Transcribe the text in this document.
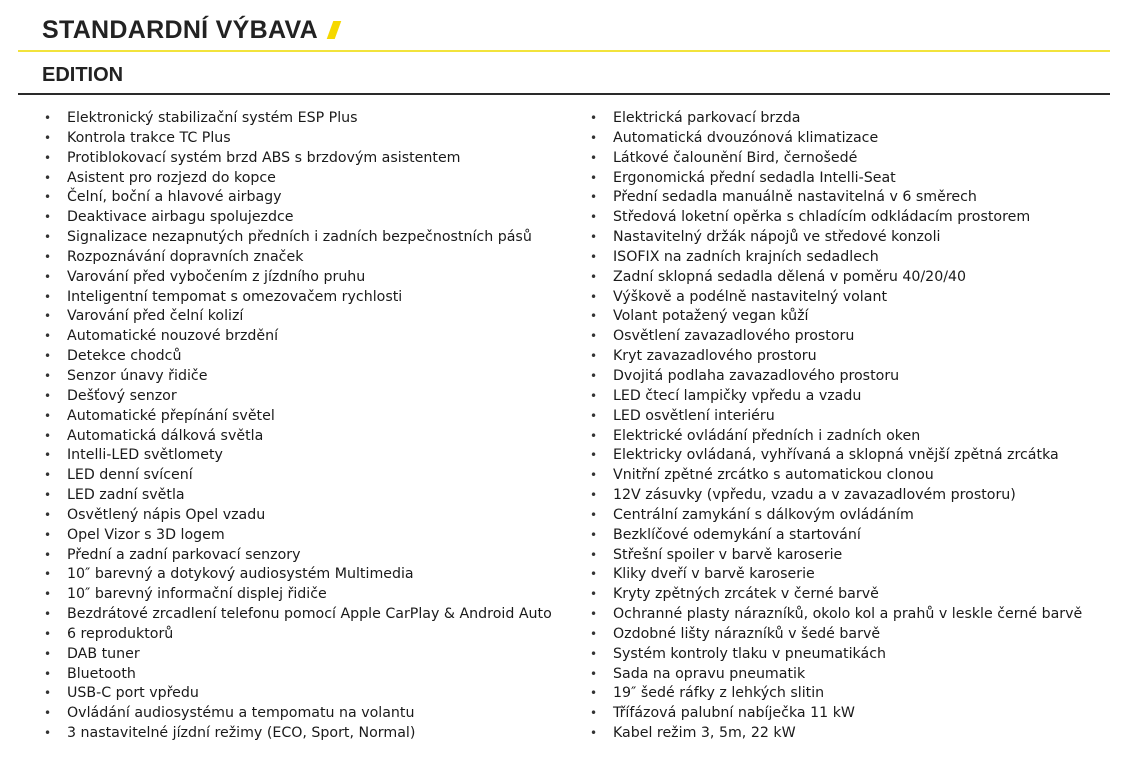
STANDARDNÍ VÝBAVA
EDITION
•	Elektronický stabilizační systém ESP Plus
•	Kontrola trakce TC Plus
•	Protiblokovací systém brzd ABS s brzdovým asistentem
•	Asistent pro rozjezd do kopce
•	Čelní, boční a hlavové airbagy
•	Deaktivace airbagu spolujezdce
•	Signalizace nezapnutých předních i zadních bezpečnostních pásů
•	Rozpoznávání dopravních značek
•	Varování před vybočením z jízdního pruhu
•	Inteligentní tempomat s omezovačem rychlosti
•	Varování před čelní kolizí
•	Automatické nouzové brzdění
•	Detekce chodců
•	Senzor únavy řidiče
•	Dešťový senzor
•	Automatické přepínání světel
•	Automatická dálková světla
•	Intelli-LED světlomety
•	LED denní svícení
•	LED zadní světla
•	Osvětlený nápis Opel vzadu
•	Opel Vizor s 3D logem
•	Přední a zadní parkovací senzory
•	10″ barevný a dotykový audiosystém Multimedia
•	10″ barevný informační displej řidiče
•	Bezdrátové zrcadlení telefonu pomocí Apple CarPlay & Android Auto
•	6 reproduktorů
•	DAB tuner
•	Bluetooth
•	USB-C port vpředu
•	Ovládání audiosystému a tempomatu na volantu
•	3 nastavitelné jízdní režimy (ECO, Sport, Normal)
•	Elektrická parkovací brzda
•	Automatická dvouzónová klimatizace
•	Látkové čalounění Bird, černošedé
•	Ergonomická přední sedadla Intelli-Seat
•	Přední sedadla manuálně nastavitelná v 6 směrech
•	Středová loketní opěrka s chladícím odkládacím prostorem
•	Nastavitelný držák nápojů ve středové konzoli
•	ISOFIX na zadních krajních sedadlech
•	Zadní sklopná sedadla dělená v poměru 40/20/40
•	Výškově a podélně nastavitelný volant
•	Volant potažený vegan kůží
•	Osvětlení zavazadlového prostoru
•	Kryt zavazadlového prostoru
•	Dvojitá podlaha zavazadlového prostoru
•	LED čtecí lampičky vpředu a vzadu
•	LED osvětlení interiéru
•	Elektrické ovládání předních i zadních oken
•	Elektricky ovládaná, vyhřívaná a sklopná vnější zpětná zrcátka
•	Vnitřní zpětné zrcátko s automatickou clonou
•	12V zásuvky (vpředu, vzadu a v zavazadlovém prostoru)
•	Centrální zamykání s dálkovým ovládáním
•	Bezklíčové odemykání a startování
•	Střešní spoiler v barvě karoserie
•	Kliky dveří v barvě karoserie
•	Kryty zpětných zrcátek v černé barvě
•	Ochranné plasty nárazníků, okolo kol a prahů v leskle černé barvě
•	Ozdobné lišty nárazníků v šedé barvě
•	Systém kontroly tlaku v pneumatikách
•	Sada na opravu pneumatik
•	19″ šedé ráfky z lehkých slitin
•	Třífázová palubní nabíječka 11 kW
•	Kabel režim 3, 5m, 22 kW
